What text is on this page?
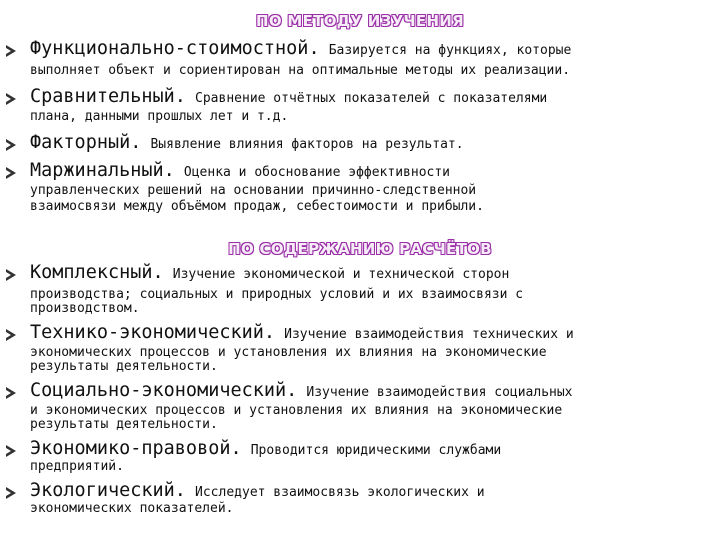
ПО МЕТОДУ ИЗУЧЕНИЯ
Функционально-стоимостной. Базируется на функциях, которые
выполняет объект и сориентирован на оптимальные методы их реализации.
Сравнительный. Сравнение отчётных показателей с показателями
плана, данными прошлых лет и т.д.
Факторный. Выявление влияния факторов на результат.
Маржинальный. Оценка и обоснование эффективности
управленческих решений на основании причинно-следственной
взаимосвязи между объёмом продаж, себестоимости и прибыли.
ПО СОДЕРЖАНИЮ РАСЧЁТОВ
Комплексный. Изучение экономической и технической сторон
производства; социальных и природных условий и их взаимосвязи с
производством.
Технико-экономический. Изучение взаимодействия технических и
экономических процессов и установления их влияния на экономические
результаты деятельности.
Социально-экономический. Изучение взаимодействия социальных
и экономических процессов и установления их влияния на экономические
результаты деятельности.
Экономико-правовой. Проводится юридическими службами
предприятий.
Экологический. Исследует взаимосвязь экологических и
экономических показателей.
